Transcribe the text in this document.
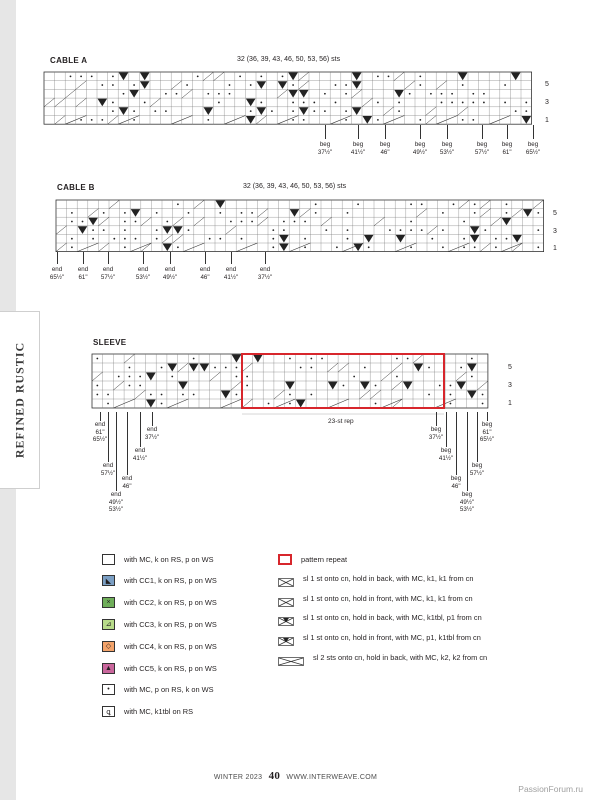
REFINED RUSTIC
CABLE A	32 (36, 39, 43, 46, 50, 53, 56) sts
5
3
1
CABLE B	32 (36, 39, 43, 46, 50, 53, 56) sts
5
3
1
SLEEVE
5
3
1
23-st rep
beg
37½"
beg
41½"
beg
46"
beg
49½"
beg
53½"
beg
57½"
beg
61"
beg
65½"
end
65½"
end
61"
end
57½"
end
53½"
end
49½"
end
46"
end
41½"
end
37½"
end
61"
65½"
end
57½"
end
49½"
53½"
end
46"
end
41½"
end
37½"
beg
37½"
beg
41½"
beg
46"
beg
49½"
53½"
beg
57½"
beg
61"
65½"
with MC, k on RS, p on WS
◣	with CC1, k on RS, p on WS
×	with CC2, k on RS, p on WS
⊿	with CC3, k on RS, p on WS
◇	with CC4, k on RS, p on WS
▲	with CC5, k on RS, p on WS
•	with MC, p on RS, k on WS
ꝗ	with MC, k1tbl on RS
pattern repeat
sl 1 st onto cn, hold in back, with MC, k1, k1 from cn
sl 1 st onto cn, hold in front, with MC, k1, k1 from cn
sl 1 st onto cn, hold in back, with MC, k1tbl, p1 from cn
sl 1 st onto cn, hold in front, with MC, p1, k1tbl from cn
sl 2 sts onto cn, hold in back, with MC, k2, k2 from cn
WINTER 2023 40 WWW.INTERWEAVE.COM
PassionForum.ru
